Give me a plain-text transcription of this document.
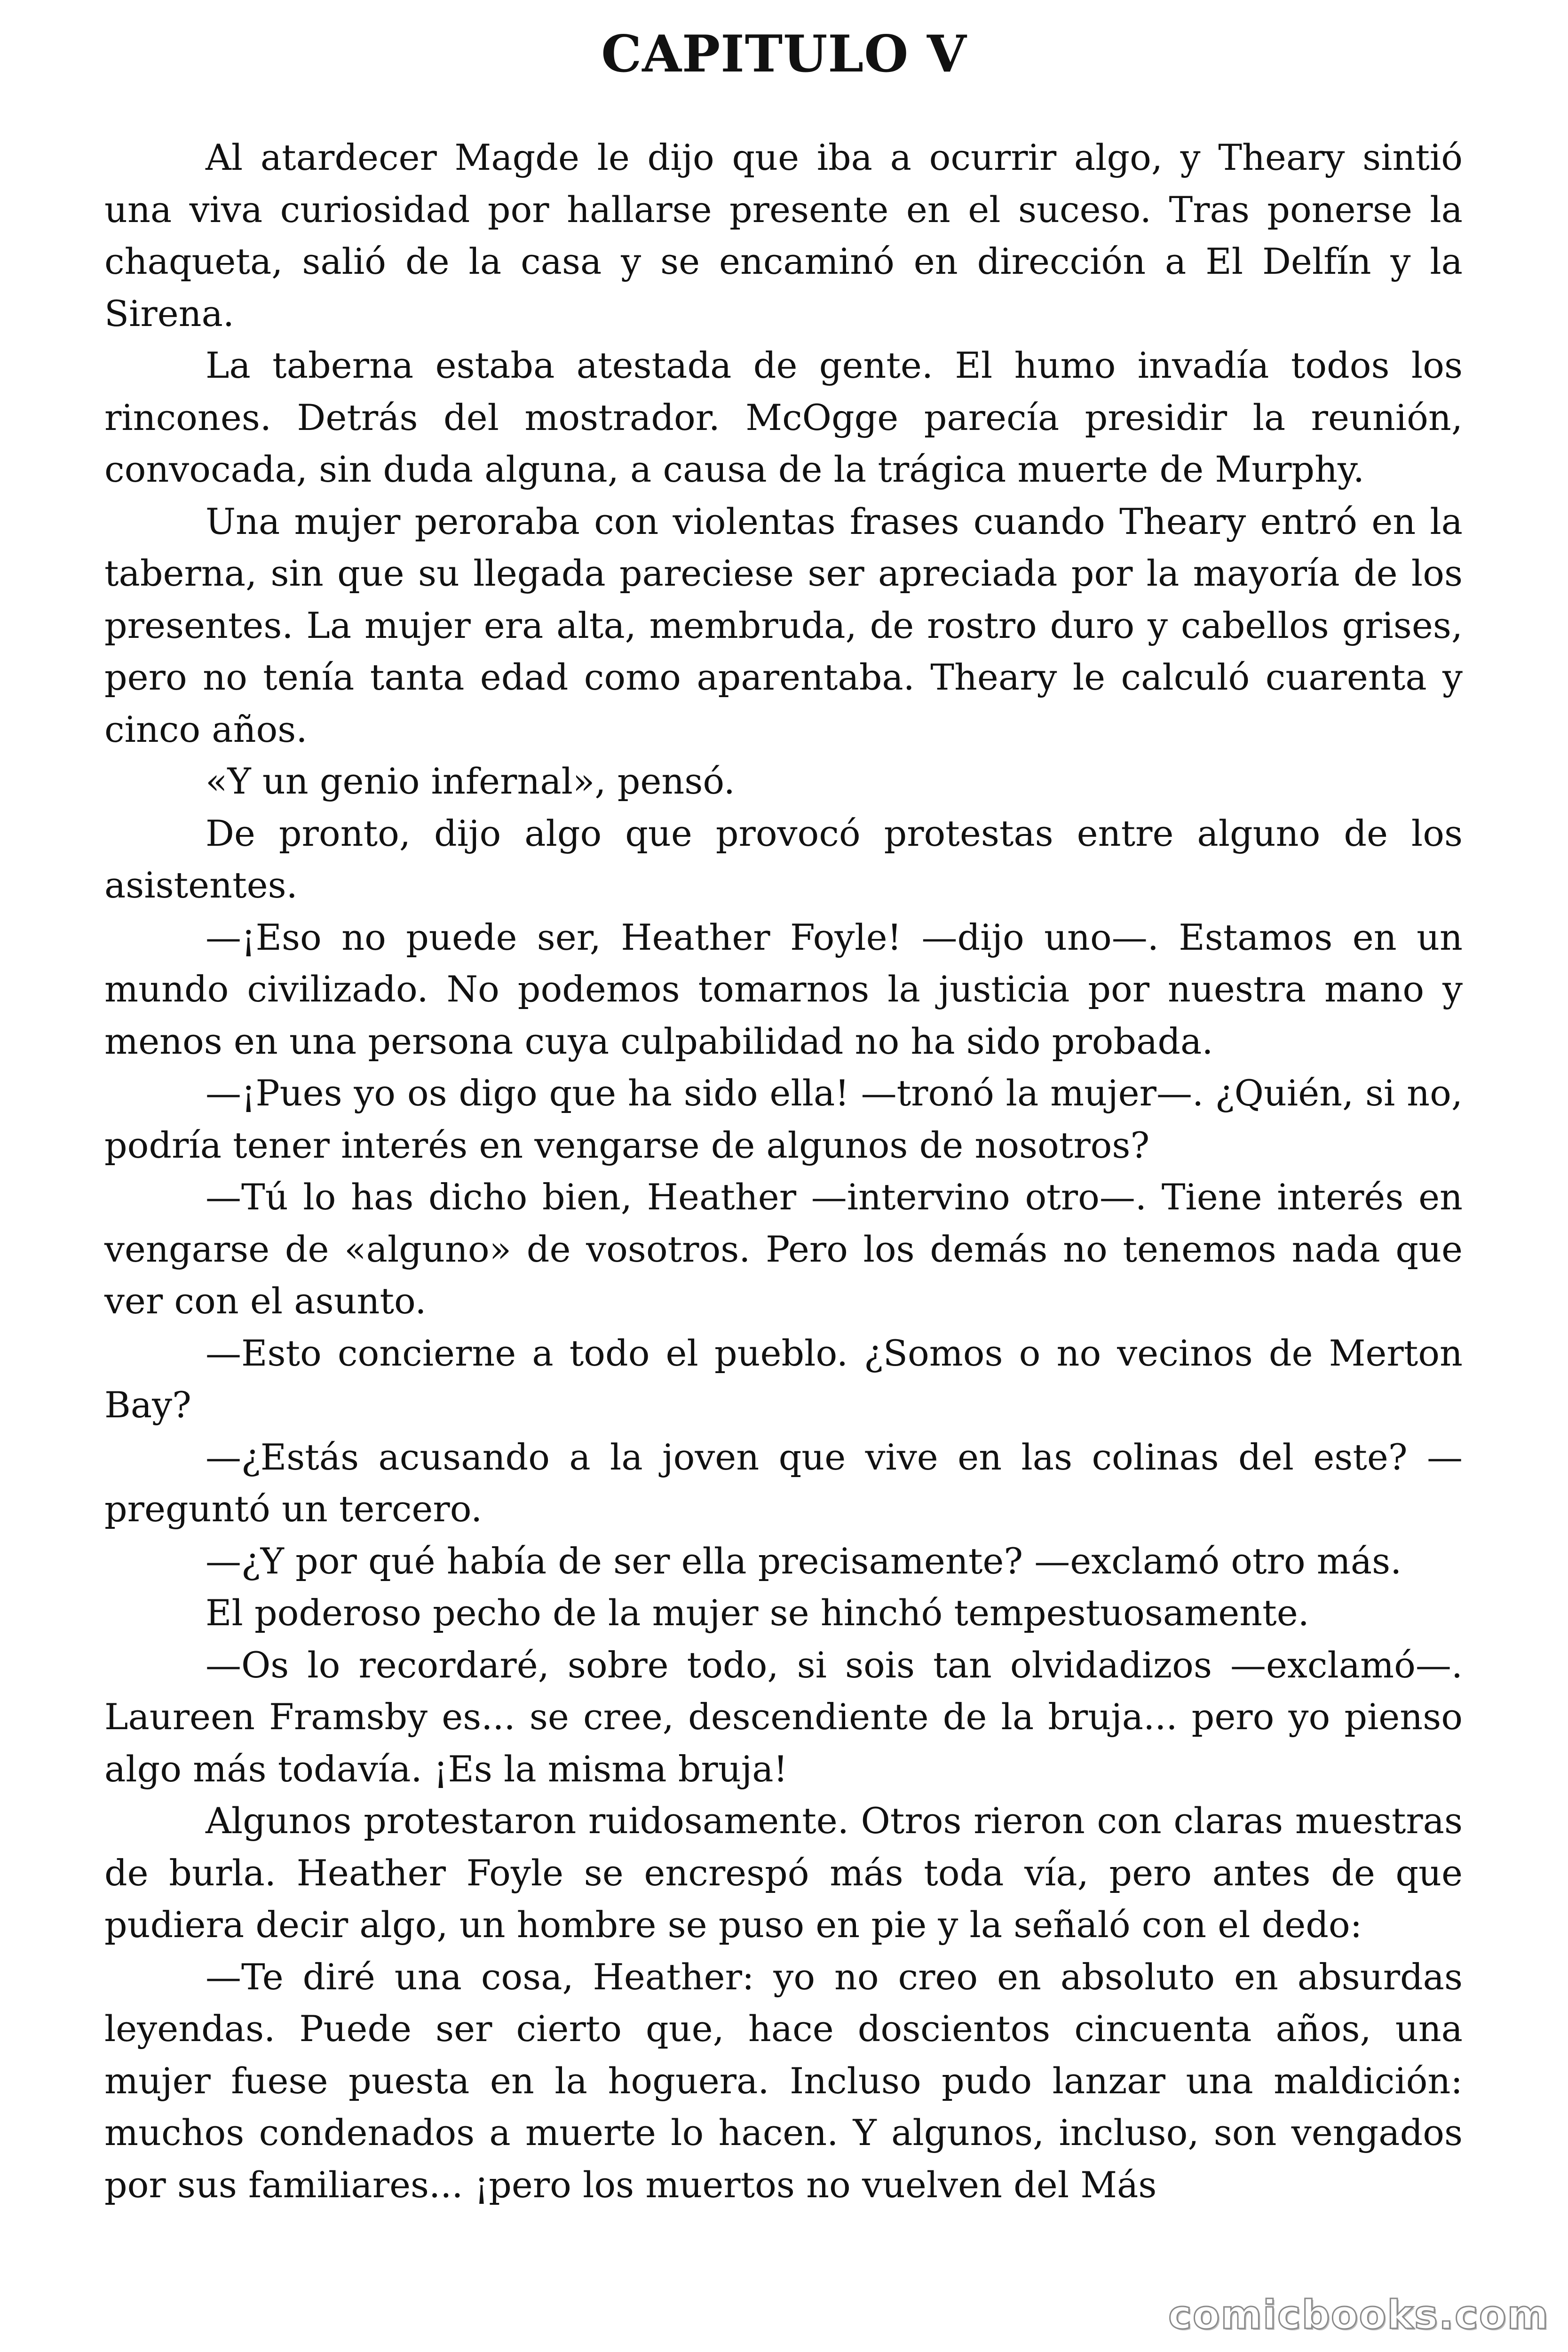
CAPITULO V

Al atardecer Magde le dijo que iba a ocurrir algo, y Theary sintió una viva curiosidad por hallarse presente en el suceso. Tras ponerse la chaqueta, salió de la casa y se encaminó en dirección a El Delfín y la Sirena.

La taberna estaba atestada de gente. El humo invadía todos los rincones. Detrás del mostrador. McOgge parecía presidir la reunión, convocada, sin duda alguna, a causa de la trágica muerte de Murphy.

Una mujer peroraba con violentas frases cuando Theary entró en la taberna, sin que su llegada pareciese ser apreciada por la mayoría de los presentes. La mujer era alta, membruda, de rostro duro y cabellos grises, pero no tenía tanta edad como aparentaba. Theary le calculó cuarenta y cinco años.

«Y un genio infernal», pensó.

De pronto, dijo algo que provocó protestas entre alguno de los asistentes.

—¡Eso no puede ser, Heather Foyle! —dijo uno—. Estamos en un mundo civilizado. No podemos tomarnos la justicia por nuestra mano y menos en una persona cuya culpabilidad no ha sido probada.

—¡Pues yo os digo que ha sido ella! —tronó la mujer—. ¿Quién, si no, podría tener interés en vengarse de algunos de nosotros?

—Tú lo has dicho bien, Heather —intervino otro—. Tiene interés en vengarse de «alguno» de vosotros. Pero los demás no tenemos nada que ver con el asunto.

—Esto concierne a todo el pueblo. ¿Somos o no vecinos de Merton Bay?

—¿Estás acusando a la joven que vive en las colinas del este? —preguntó un tercero.

—¿Y por qué había de ser ella precisamente? —exclamó otro más.

El poderoso pecho de la mujer se hinchó tempestuosamente.

—Os lo recordaré, sobre todo, si sois tan olvidadizos —exclamó—. Laureen Framsby es... se cree, descendiente de la bruja... pero yo pienso algo más todavía. ¡Es la misma bruja!

Algunos protestaron ruidosamente. Otros rieron con claras muestras de burla. Heather Foyle se encrespó más toda vía, pero antes de que pudiera decir algo, un hombre se puso en pie y la señaló con el dedo:

—Te diré una cosa, Heather: yo no creo en absoluto en absurdas leyendas. Puede ser cierto que, hace doscientos cincuenta años, una mujer fuese puesta en la hoguera. Incluso pudo lanzar una maldición: muchos condenados a muerte lo hacen. Y algunos, incluso, son vengados por sus familiares... ¡pero los muertos no vuelven del Más

comicbooks.com
